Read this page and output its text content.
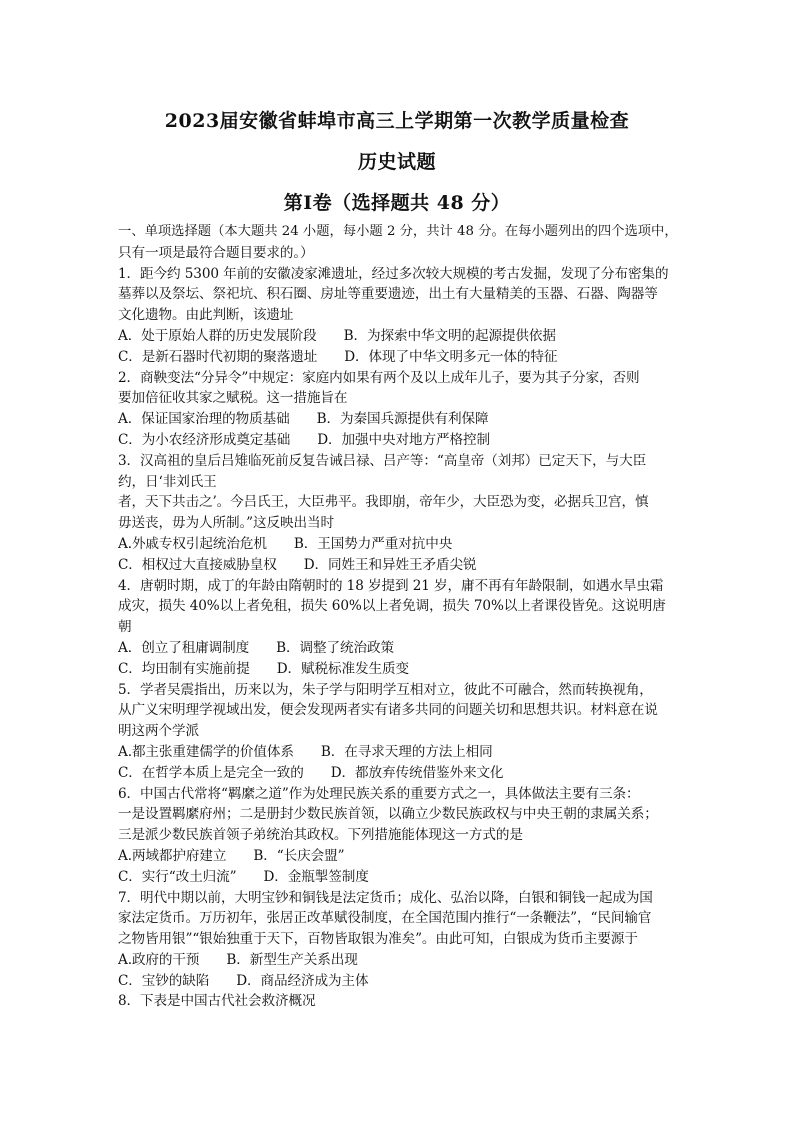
2023届安徽省蚌埠市高三上学期第一次教学质量检查
历史试题
第Ⅰ卷（选择题共 48 分）

一、单项选择题（本大题共 24 小题，每小题 2 分，共计 48 分。在每小题列出的四个选项中，

只有一项是最符合题目要求的。）

1．距今约 5300 年前的安徽凌家滩遗址，经过多次较大规模的考古发掘，发现了分布密集的

墓葬以及祭坛、祭祀坑、积石圈、房址等重要遗迹，出土有大量精美的玉器、石器、陶器等

文化遗物。由此判断，该遗址

A．处于原始人群的历史发展阶段　　B．为探索中华文明的起源提供依据

C．是新石器时代初期的聚落遗址　　D．体现了中华文明多元一体的特征

2．商鞅变法“分异令”中规定：家庭内如果有两个及以上成年儿子，要为其子分家，否则

要加倍征收其家之赋税。这一措施旨在

A．保证国家治理的物质基础　　B．为秦国兵源提供有利保障

C．为小农经济形成奠定基础　　D．加强中央对地方严格控制

3．汉高祖的皇后吕雉临死前反复告诫吕禄、吕产等：“高皇帝（刘邦）已定天下，与大臣

约，日‘非刘氏王

者，天下共击之’。今吕氏王，大臣弗平。我即崩，帝年少，大臣恐为变，必据兵卫宫，慎

毋送丧，毋为人所制。”这反映出当时

A.外戚专权引起统治危机　　B．王国势力严重对抗中央

C．相权过大直接威胁皇权　　D．同姓王和异姓王矛盾尖锐

4．唐朝时期，成丁的年龄由隋朝时的 18 岁提到 21 岁，庸不再有年龄限制，如遇水旱虫霜

成灾，损失 40%以上者免租，损失 60%以上者免调，损失 70%以上者课役皆免。这说明唐

朝

A．创立了租庸调制度　　B．调整了统治政策

C．均田制有实施前提　　D．赋税标准发生质变

5．学者吴震指出，历来以为，朱子学与阳明学互相对立，彼此不可融合，然而转换视角，

从广义宋明理学视域出发，便会发现两者实有诸多共同的问题关切和思想共识。材料意在说

明这两个学派

A.都主张重建儒学的价值体系　　B．在寻求天理的方法上相同

C．在哲学本质上是完全一致的　　D．都放弃传统借鉴外来文化

6．中国古代常将“羁縻之道”作为处理民族关系的重要方式之一，具体做法主要有三条：

一是设置羁縻府州；二是册封少数民族首领，以确立少数民族政权与中央王朝的隶属关系；

三是派少数民族首领子弟统治其政权。下列措施能体现这一方式的是

A.两域都护府建立　　B．“长庆会盟”

C．实行“改土归流”　　D．金瓶掣签制度

7．明代中期以前，大明宝钞和铜钱是法定货币；成化、弘治以降，白银和铜钱一起成为国

家法定货币。万历初年，张居正改革赋役制度，在全国范围内推行“一条鞭法”，“民间输官

之物皆用银”“银始独重于天下，百物皆取银为准矣”。由此可知，白银成为货币主要源于

A.政府的干预　　B．新型生产关系出现

C．宝钞的缺陷　　D．商品经济成为主体

8．下表是中国古代社会救济概况
